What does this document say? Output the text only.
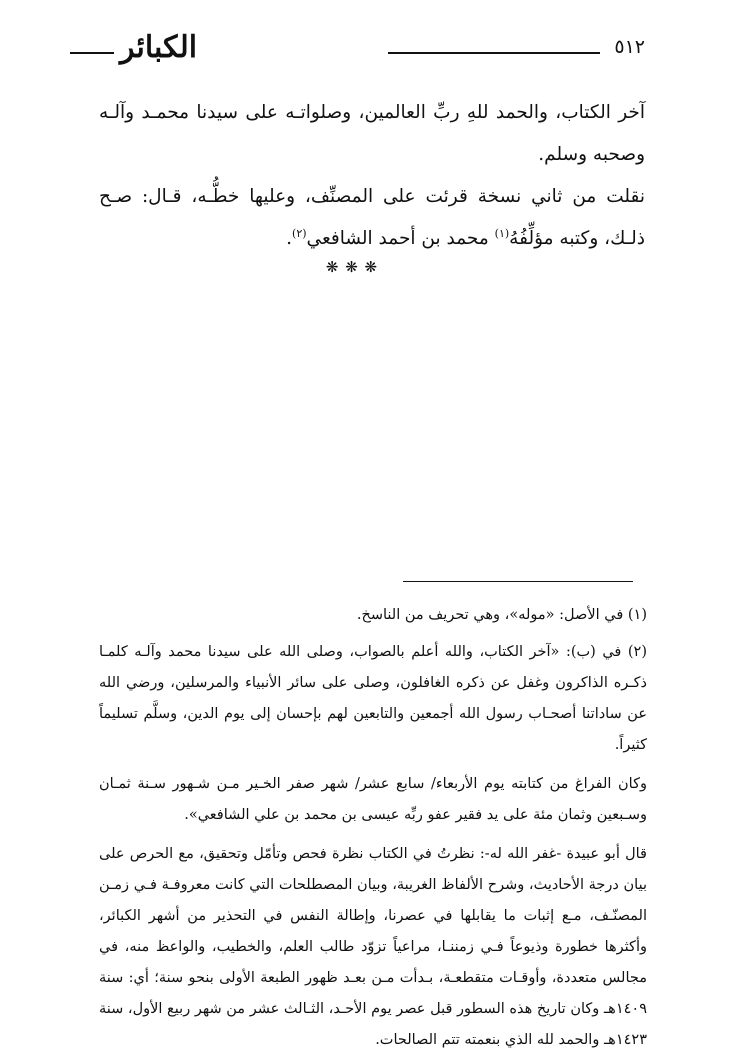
٥١٢
الكبائر

آخر الكتاب، والحمد للهِ ربِّ العالمين، وصلواتـه على سيدنا محمـد وآلـه وصحبه وسلم.

نقلت من ثاني نسخة قرئت على المصنِّف، وعليها خطُّـه، قـال: صـح ذلـك، وكتبه مؤلِّفُهُ$^{(١)}$ محمد بن أحمد الشافعي$^{(٢)}$.

❋ ❋ ❋

(١) في الأصل: «موله»، وهي تحريف من الناسخ.

(٢) في (ب): «آخر الكتاب، والله أعلم بالصواب، وصلى الله على سيدنا محمد وآلـه كلمـا ذكـره الذاكرون وغفل عن ذكره الغافلون، وصلى على سائر الأنبياء والمرسلين، ورضي الله عن ساداتنا أصحـاب رسول الله أجمعين والتابعين لهم بإحسان إلى يوم الدين، وسلَّم تسليماً كثيراً.

وكان الفراغ من كتابته يوم الأربعاء/ سابع عشر/ شهر صفر الخـير مـن شـهور سـنة ثمـان وسـبعين وثمان مئة على يد فقير عفو ربِّه عيسى بن محمد بن علي الشافعي».

قال أبو عبيدة -غفر الله له-: نظرتُ في الكتاب نظرة فحص وتأمّل وتحقيق، مع الحرص على بيان درجة الأحاديث، وشرح الألفاظ الغريبة، وبيان المصطلحات التي كانت معروفـة فـي زمـن المصنّـف، مـع إثبات ما يقابلها في عصرنا، وإطالة النفس في التحذير من أشهر الكبائر، وأكثرها خطورة وذيوعاً فـي زمننـا، مراعياً تزوّد طالب العلم، والخطيب، والواعظ منه، في مجالس متعددة، وأوقـات متقطعـة، بـدأت مـن بعـد ظهور الطبعة الأولى بنحو سنة؛ أي: سنة ١٤٠٩هـ وكان تاريخ هذه السطور قبل عصر يوم الأحـد، الثـالث عشر من شهر ربيع الأول، سنة ١٤٢٣هـ والحمد لله الذي بنعمته تتم الصالحات.
